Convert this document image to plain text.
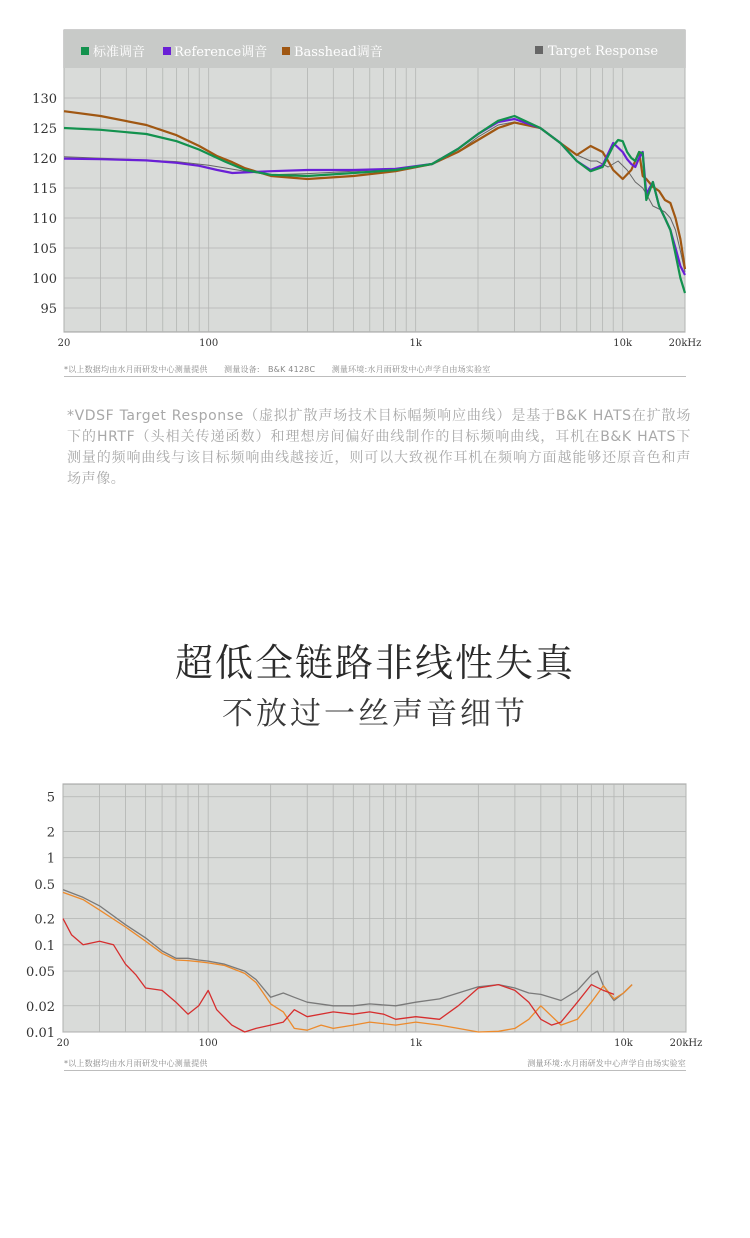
95
100
105
110
115
120
125
130
20	100	1k	10k	20kHz
标准调音 Reference调音 Basshead调音	Target Response
*以上数据均由水月雨研发中心测量提供      测量设备:   B&K 4128C      测量环境:水月雨研发中心声学自由场实验室
*VDSF Target Response（虚拟扩散声场技术目标幅频响应曲线）是基于B&K HATS在扩散场下的HRTF（头相关传递函数）和理想房间偏好曲线制作的目标频响曲线，耳机在B&K HATS下测量的频响曲线与该目标频响曲线越接近，则可以大致视作耳机在频响方面越能够还原音色和声场声像。
超低全链路非线性失真
不放过一丝声音细节
0.01
0.02
0.05
0.1
0.2
0.5
1
2
5
20	100	1k	10k	20kHz
*以上数据均由水月雨研发中心测量提供	测量环境:水月雨研发中心声学自由场实验室
